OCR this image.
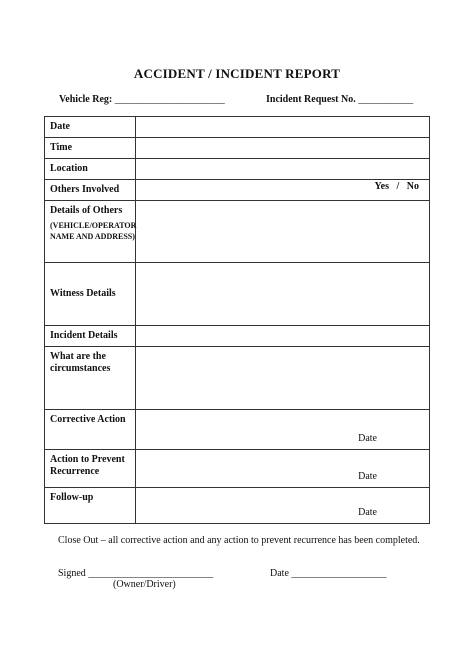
ACCIDENT / INCIDENT REPORT
Vehicle Reg: ______________________	Incident Request No. ___________
Date	

Time	

Location	

Others Involved	Yes   /   No

Details of Others
(VEHICLE/OPERATOR NAME AND ADDRESS)	

Witness Details	

Incident Details	

What are the circumstances	

Corrective Action	Date

Action to Prevent Recurrence	Date

Follow-up	Date
Close Out – all corrective action and any action to prevent recurrence has been completed.
Signed _________________________	Date ___________________
(Owner/Driver)
